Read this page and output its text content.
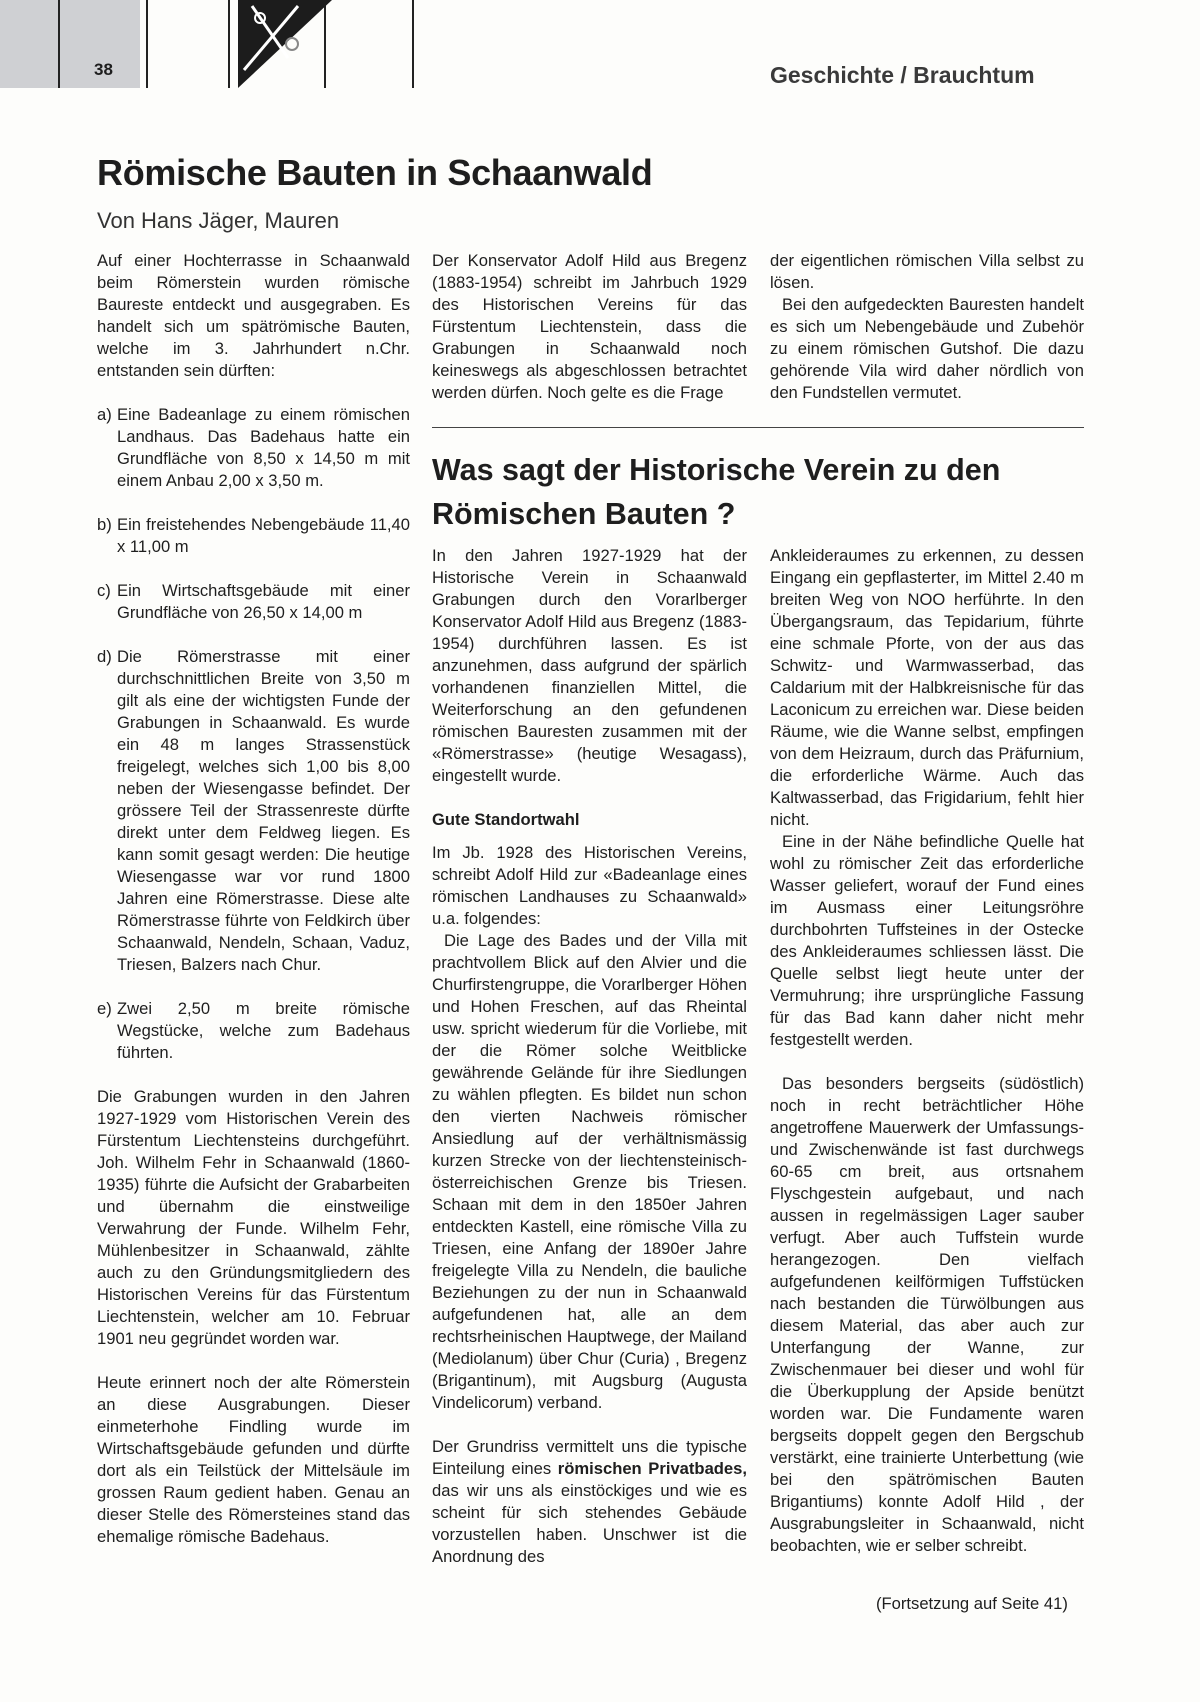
38	Geschichte / Brauchtum
Römische Bauten in Schaanwald
Von Hans Jäger, Mauren

Auf einer Hochterrasse in Schaanwald beim Römerstein wurden römische Baureste entdeckt und ausgegraben. Es handelt sich um spätrömische Bauten, welche im 3. Jahrhundert n.Chr. entstanden sein dürften:

a) Eine Badeanlage zu einem römischen Landhaus. Das Badehaus hatte ein Grundfläche von 8,50 x 14,50 m mit einem Anbau 2,00 x 3,50 m.

b) Ein freistehendes Nebengebäude 11,40 x 11,00 m

c) Ein Wirtschaftsgebäude mit einer Grundfläche von 26,50 x 14,00 m

d) Die Römerstrasse mit einer durchschnittlichen Breite von 3,50 m gilt als eine der wichtigsten Funde der Grabungen in Schaanwald. Es wurde ein 48 m langes Strassenstück freigelegt, welches sich 1,00 bis 8,00 neben der Wiesengasse befindet. Der grössere Teil der Strassenreste dürfte direkt unter dem Feldweg liegen. Es kann somit gesagt werden: Die heutige Wiesengasse war vor rund 1800 Jahren eine Römerstrasse. Diese alte Römerstrasse führte von Feldkirch über Schaanwald, Nendeln, Schaan, Vaduz, Triesen, Balzers nach Chur.

e) Zwei 2,50 m breite römische Wegstücke, welche zum Badehaus führten.

Die Grabungen wurden in den Jahren 1927-1929 vom Historischen Verein des Fürstentum Liechtensteins durchgeführt. Joh. Wilhelm Fehr in Schaanwald (1860-1935) führte die Aufsicht der Grabarbeiten und übernahm die einstweilige Verwahrung der Funde. Wilhelm Fehr, Mühlenbesitzer in Schaanwald, zählte auch zu den Gründungsmitgliedern des Historischen Vereins für das Fürstentum Liechtenstein, welcher am 10. Februar 1901 neu gegründet worden war.

Heute erinnert noch der alte Römerstein an diese Ausgrabungen. Dieser einmeterhohe Findling wurde im Wirtschaftsgebäude gefunden und dürfte dort als ein Teilstück der Mittelsäule im grossen Raum gedient haben. Genau an dieser Stelle des Römersteines stand das ehemalige römische Badehaus.

Der Konservator Adolf Hild aus Bregenz (1883-1954) schreibt im Jahrbuch 1929 des Historischen Vereins für das Fürstentum Liechtenstein, dass die Grabungen in Schaanwald noch keineswegs als abgeschlossen betrachtet werden dürfen. Noch gelte es die Frage

der eigentlichen römischen Villa selbst zu lösen.

Bei den aufgedeckten Bauresten handelt es sich um Nebengebäude und Zubehör zu einem römischen Gutshof. Die dazu gehörende Vila wird daher nördlich von den Fundstellen vermutet.

Was sagt der Historische Verein zu den Römischen Bauten ?

In den Jahren 1927-1929 hat der Historische Verein in Schaanwald Grabungen durch den Vorarlberger Konservator Adolf Hild aus Bregenz (1883-1954) durchführen lassen. Es ist anzunehmen, dass aufgrund der spärlich vorhandenen finanziellen Mittel, die Weiterforschung an den gefundenen römischen Bauresten zusammen mit der «Römerstrasse» (heutige Wesagass), eingestellt wurde.

Gute Standortwahl

Im Jb. 1928 des Historischen Vereins, schreibt Adolf Hild zur «Badeanlage eines römischen Landhauses zu Schaanwald» u.a. folgendes:

Die Lage des Bades und der Villa mit prachtvollem Blick auf den Alvier und die Churfirstengruppe, die Vorarlberger Höhen und Hohen Freschen, auf das Rheintal usw. spricht wiederum für die Vorliebe, mit der die Römer solche Weitblicke gewährende Gelände für ihre Siedlungen zu wählen pflegten. Es bildet nun schon den vierten Nachweis römischer Ansiedlung auf der verhältnismässig kurzen Strecke von der liechtensteinisch-österreichischen Grenze bis Triesen. Schaan mit dem in den 1850er Jahren entdeckten Kastell, eine römische Villa zu Triesen, eine Anfang der 1890er Jahre freigelegte Villa zu Nendeln, die bauliche Beziehungen zu der nun in Schaanwald aufgefundenen hat, alle an dem rechtsrheinischen Hauptwege, der Mailand (Mediolanum) über Chur (Curia) , Bregenz (Brigantinum), mit Augsburg (Augusta Vindelicorum) verband.

Der Grundriss vermittelt uns die typische Einteilung eines römischen Privatbades, das wir uns als einstöckiges und wie es scheint für sich stehendes Gebäude vorzustellen haben. Unschwer ist die Anordnung des

Ankleideraumes zu erkennen, zu dessen Eingang ein gepflasterter, im Mittel 2.40 m breiten Weg von NOO herführte. In den Übergangsraum, das Tepidarium, führte eine schmale Pforte, von der aus das Schwitz- und Warmwasserbad, das Caldarium mit der Halbkreisnische für das Laconicum zu erreichen war. Diese beiden Räume, wie die Wanne selbst, empfingen von dem Heizraum, durch das Präfurnium, die erforderliche Wärme. Auch das Kaltwasserbad, das Frigidarium, fehlt hier nicht.

Eine in der Nähe befindliche Quelle hat wohl zu römischer Zeit das erforderliche Wasser geliefert, worauf der Fund eines im Ausmass einer Leitungsröhre durchbohrten Tuffsteines in der Ostecke des Ankleideraumes schliessen lässt. Die Quelle selbst liegt heute unter der Vermuhrung; ihre ursprüngliche Fassung für das Bad kann daher nicht mehr festgestellt werden.

Das besonders bergseits (südöstlich) noch in recht beträchtlicher Höhe angetroffene Mauerwerk der Umfassungs- und Zwischenwände ist fast durchwegs 60-65 cm breit, aus ortsnahem Flyschgestein aufgebaut, und nach aussen in regelmässigen Lager sauber verfugt. Aber auch Tuffstein wurde herangezogen. Den vielfach aufgefundenen keilförmigen Tuffstücken nach bestanden die Türwölbungen aus diesem Material, das aber auch zur Unterfangung der Wanne, zur Zwischenmauer bei dieser und wohl für die Überkupplung der Apside benützt worden war. Die Fundamente waren bergseits doppelt gegen den Bergschub verstärkt, eine trainierte Unterbettung (wie bei den spätrömischen Bauten Brigantiums) konnte Adolf Hild , der Ausgrabungsleiter in Schaanwald, nicht beobachten, wie er selber schreibt.

(Fortsetzung auf Seite 41)
